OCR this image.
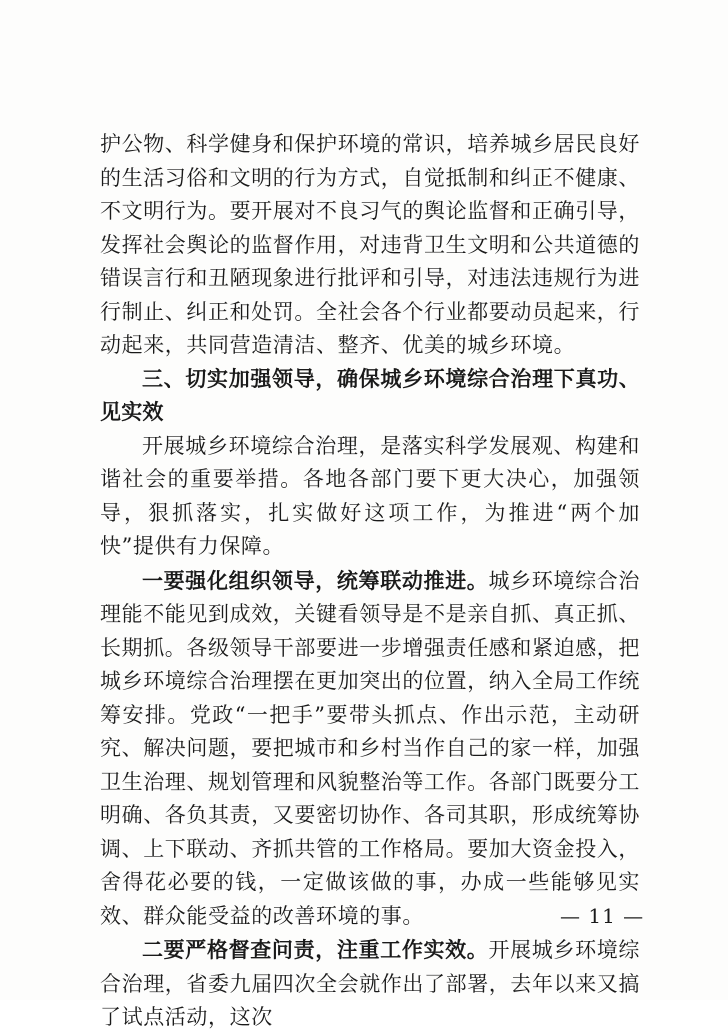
护公物、科学健身和保护环境的常识，培养城乡居民良好的生活习俗和文明的行为方式，自觉抵制和纠正不健康、不文明行为。要开展对不良习气的舆论监督和正确引导，发挥社会舆论的监督作用，对违背卫生文明和公共道德的错误言行和丑陋现象进行批评和引导，对违法违规行为进行制止、纠正和处罚。全社会各个行业都要动员起来，行动起来，共同营造清洁、整齐、优美的城乡环境。

三、切实加强领导，确保城乡环境综合治理下真功、见实效

开展城乡环境综合治理，是落实科学发展观、构建和谐社会的重要举措。各地各部门要下更大决心，加强领导，狠抓落实，扎实做好这项工作，为推进“两个加快”提供有力保障。

一要强化组织领导，统筹联动推进。城乡环境综合治理能不能见到成效，关键看领导是不是亲自抓、真正抓、长期抓。各级领导干部要进一步增强责任感和紧迫感，把城乡环境综合治理摆在更加突出的位置，纳入全局工作统筹安排。党政“一把手”要带头抓点、作出示范，主动研究、解决问题，要把城市和乡村当作自己的家一样，加强卫生治理、规划管理和风貌整治等工作。各部门既要分工明确、各负其责，又要密切协作、各司其职，形成统筹协调、上下联动、齐抓共管的工作格局。要加大资金投入，舍得花必要的钱，一定做该做的事，办成一些能够见实效、群众能受益的改善环境的事。

二要严格督查问责，注重工作实效。开展城乡环境综合治理，省委九届四次全会就作出了部署，去年以来又搞了试点活动，这次

— 11 —
